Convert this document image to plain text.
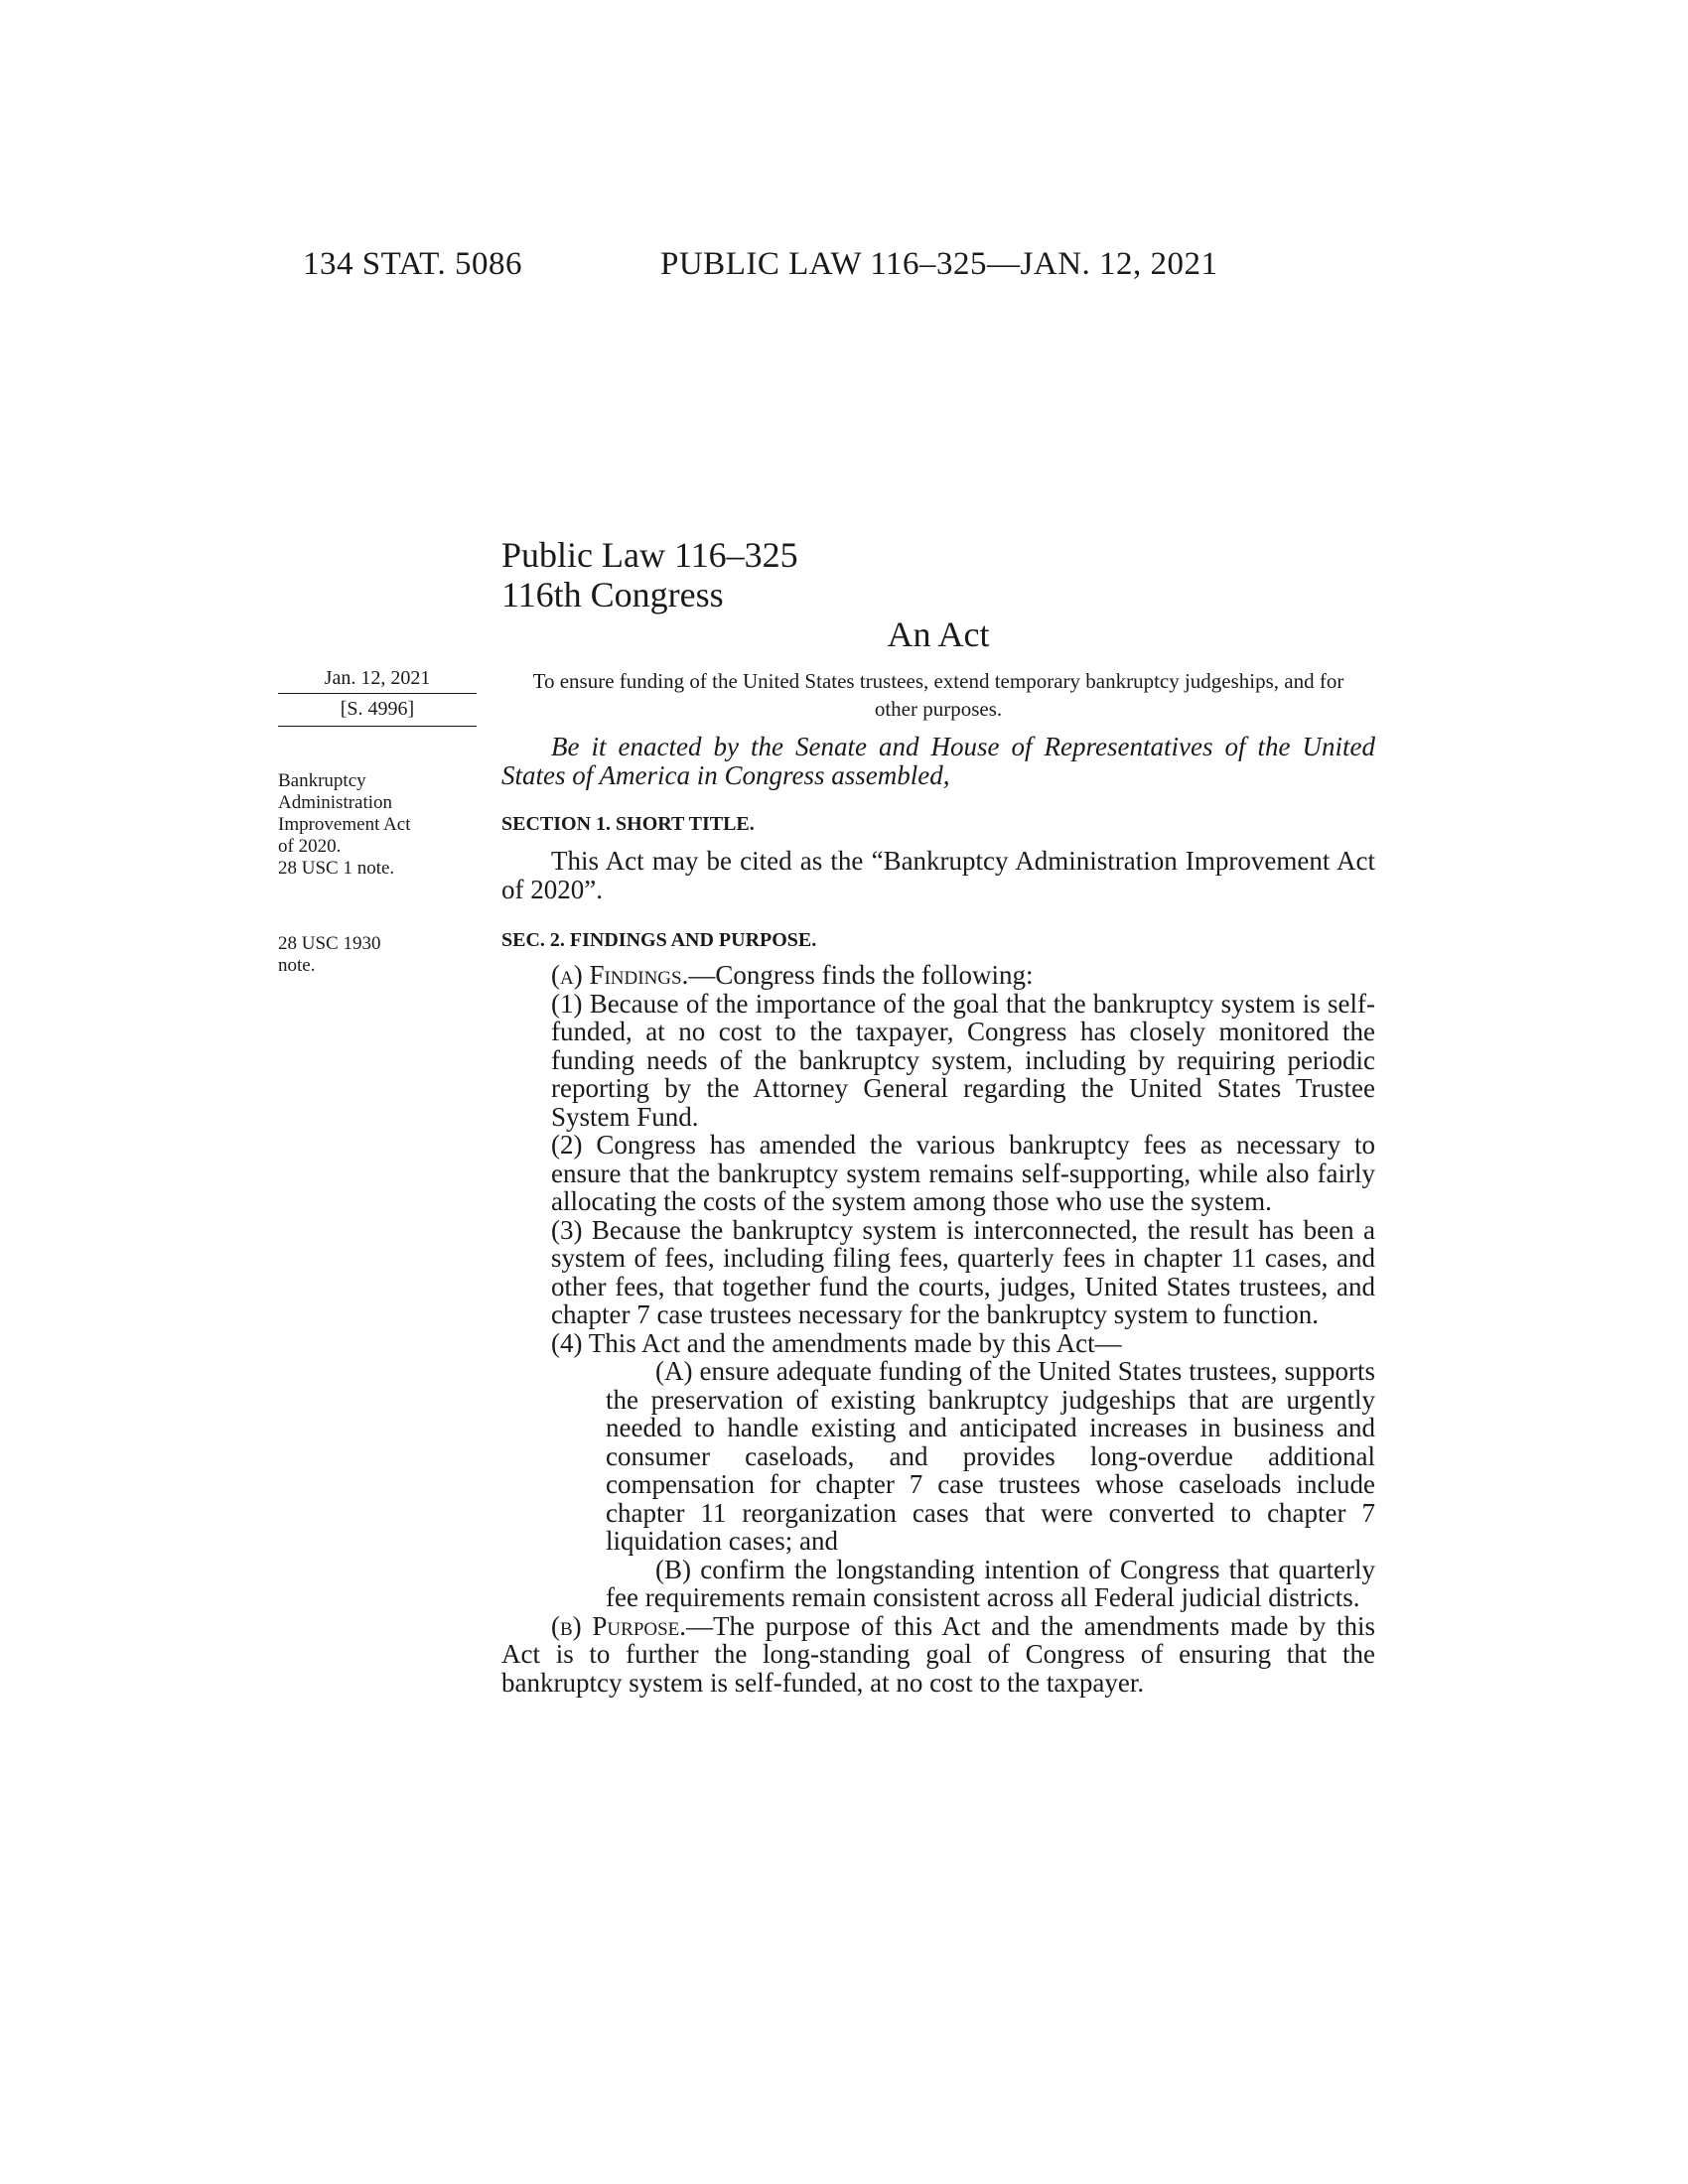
134 STAT. 5086	PUBLIC LAW 116–325—JAN. 12, 2021
Public Law 116–325
116th Congress
An Act
To ensure funding of the United States trustees, extend temporary bankruptcy judgeships, and for other purposes.
Jan. 12, 2021
[S. 4996]
Bankruptcy
Administration
Improvement Act
of 2020.
28 USC 1 note.
28 USC 1930
note.

Be it enacted by the Senate and House of Representatives of the United States of America in Congress assembled,

SECTION 1. SHORT TITLE.

This Act may be cited as the “Bankruptcy Administration Improvement Act of 2020”.

SEC. 2. FINDINGS AND PURPOSE.

(a) Findings.—Congress finds the following:

(1) Because of the importance of the goal that the bankruptcy system is self-funded, at no cost to the taxpayer, Congress has closely monitored the funding needs of the bankruptcy system, including by requiring periodic reporting by the Attorney General regarding the United States Trustee System Fund.

(2) Congress has amended the various bankruptcy fees as necessary to ensure that the bankruptcy system remains self-supporting, while also fairly allocating the costs of the system among those who use the system.

(3) Because the bankruptcy system is interconnected, the result has been a system of fees, including filing fees, quarterly fees in chapter 11 cases, and other fees, that together fund the courts, judges, United States trustees, and chapter 7 case trustees necessary for the bankruptcy system to function.

(4) This Act and the amendments made by this Act—

(A) ensure adequate funding of the United States trustees, supports the preservation of existing bankruptcy judgeships that are urgently needed to handle existing and anticipated increases in business and consumer caseloads, and provides long-overdue additional compensation for chapter 7 case trustees whose caseloads include chapter 11 reorganization cases that were converted to chapter 7 liquidation cases; and

(B) confirm the longstanding intention of Congress that quarterly fee requirements remain consistent across all Federal judicial districts.

(b) Purpose.—The purpose of this Act and the amendments made by this Act is to further the long-standing goal of Congress of ensuring that the bankruptcy system is self-funded, at no cost to the taxpayer.
